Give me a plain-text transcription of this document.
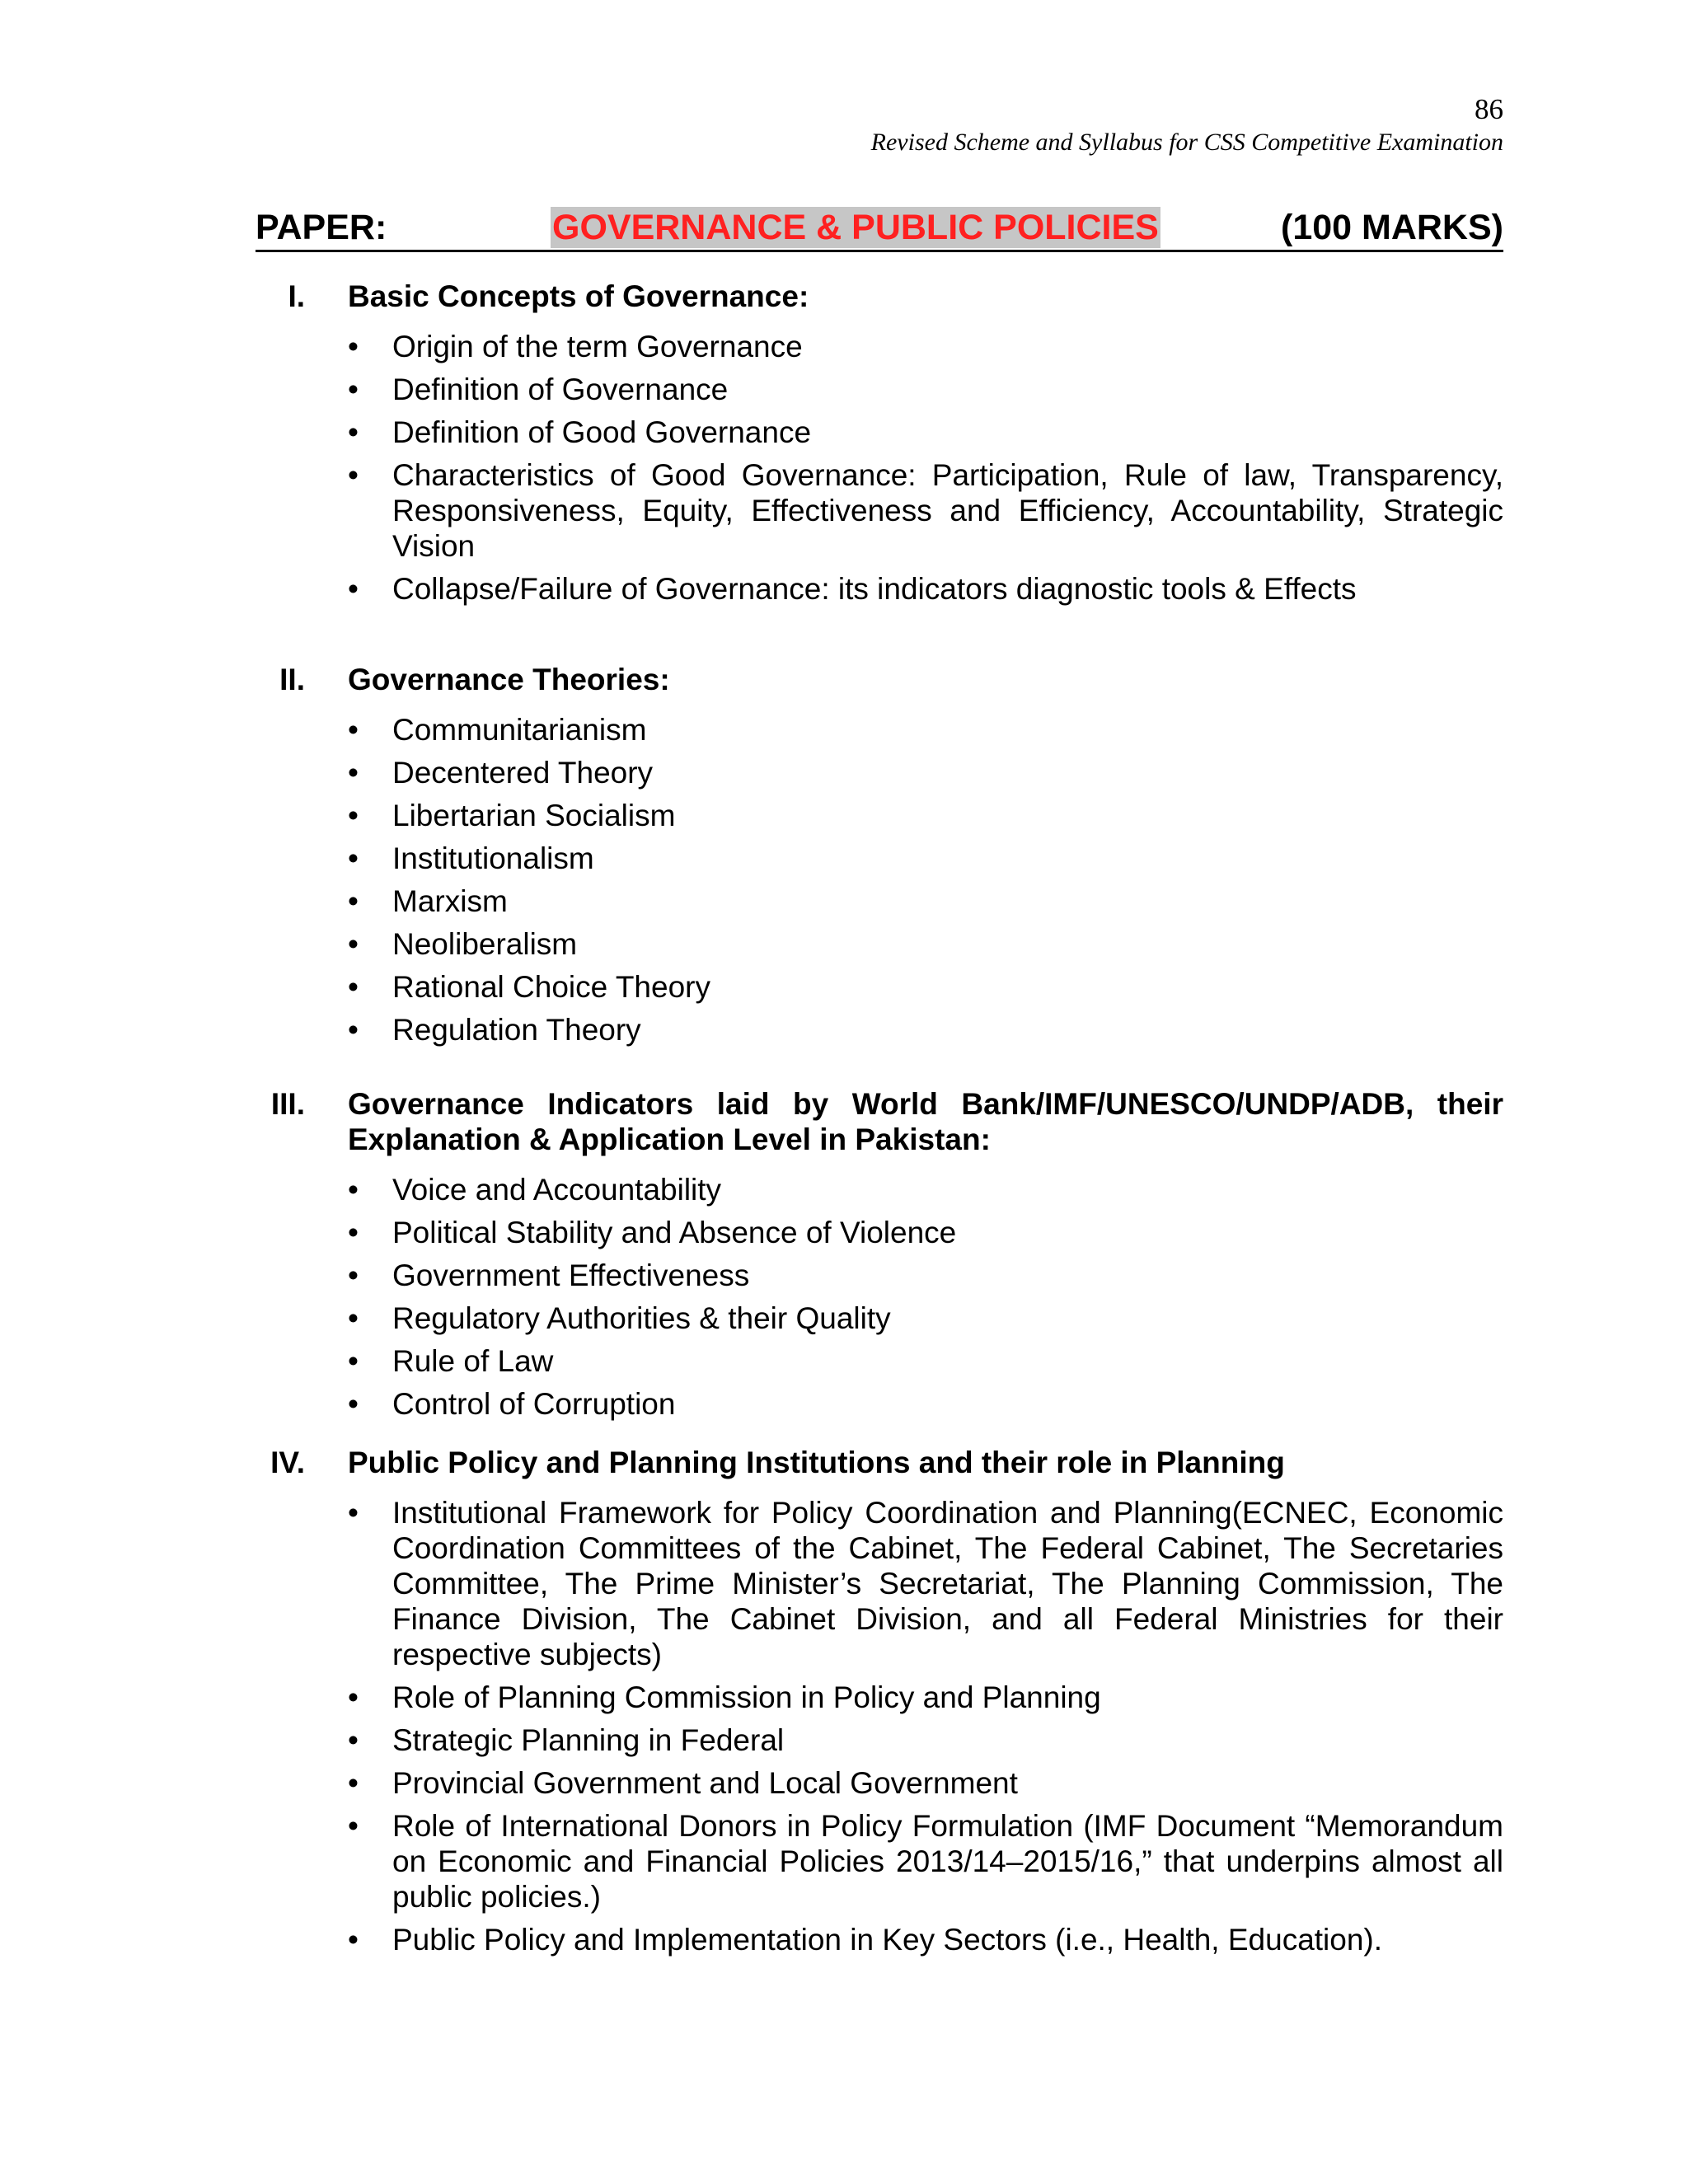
86
Revised Scheme and Syllabus for CSS Competitive Examination
PAPER:	GOVERNANCE & PUBLIC POLICIES	(100 MARKS)
I. Basic Concepts of Governance:
•	Origin of the term Governance
•	Definition of Governance
•	Definition of Good Governance
•	Characteristics of Good Governance: Participation, Rule of law, Transparency, Responsiveness, Equity, Effectiveness and Efficiency, Accountability, Strategic Vision
•	Collapse/Failure of Governance: its indicators diagnostic tools & Effects
II. Governance Theories:
•	Communitarianism
•	Decentered Theory
•	Libertarian Socialism
•	Institutionalism
•	Marxism
•	Neoliberalism
•	Rational Choice Theory
•	Regulation Theory
III. Governance Indicators laid by World Bank/IMF/UNESCO/UNDP/ADB, their Explanation & Application Level in Pakistan:
•	Voice and Accountability
•	Political Stability and Absence of Violence
•	Government Effectiveness
•	Regulatory Authorities & their Quality
•	Rule of Law
•	Control of Corruption
IV. Public Policy and Planning Institutions and their role in Planning
•	Institutional Framework for Policy Coordination and Planning(ECNEC, Economic Coordination Committees of the Cabinet, The Federal Cabinet, The Secretaries Committee, The Prime Minister’s Secretariat, The Planning Commission, The Finance Division, The Cabinet Division, and all Federal Ministries for their respective subjects)
•	Role of Planning Commission in Policy and Planning
•	Strategic Planning in Federal
•	Provincial Government and Local Government
•	Role of International Donors in Policy Formulation (IMF Document “Memorandum on Economic and Financial Policies 2013/14–2015/16,” that underpins almost all public policies.)
•	Public Policy and Implementation in Key Sectors (i.e., Health, Education).
